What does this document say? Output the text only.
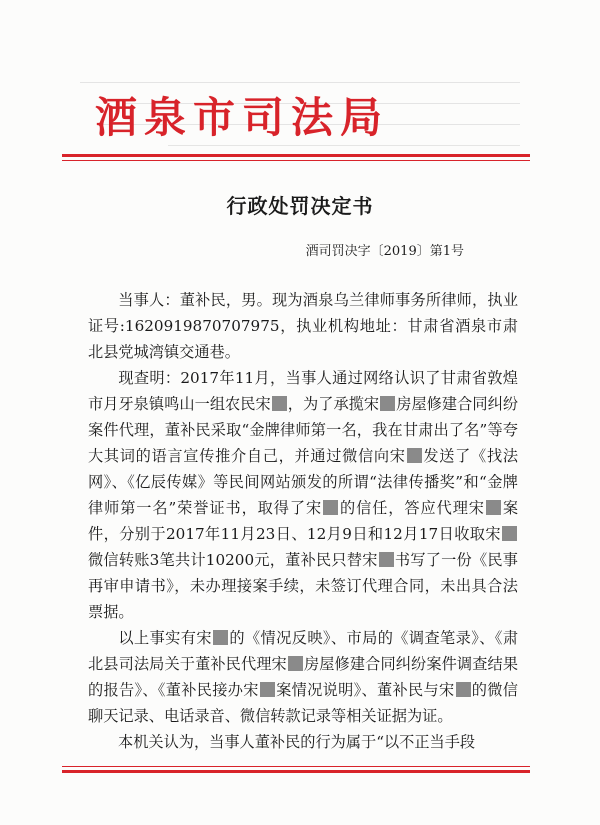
酒泉市司法局
行政处罚决定书
酒司罚决字〔2019〕第1号

当事人：董补民，男。现为酒泉乌兰律师事务所律师，执业证号:1620919870707975，执业机构地址：甘肃省酒泉市肃北县党城湾镇交通巷。

现查明：2017年11月，当事人通过网络认识了甘肃省敦煌市月牙泉镇鸣山一组农民宋 ，为了承揽宋 房屋修建合同纠纷案件代理，董补民采取“金牌律师第一名，我在甘肃出了名”等夸大其词的语言宣传推介自己，并通过微信向宋 发送了《找法网》、《亿辰传媒》等民间网站颁发的所谓“法律传播奖”和“金牌律师第一名”荣誉证书，取得了宋 的信任，答应代理宋 案件，分别于2017年11月23日、12月9日和12月17日收取宋微信转账3笔共计10200元，董补民只替宋 书写了一份《民事再审申请书》，未办理接案手续，未签订代理合同，未出具合法票据。

以上事实有宋 的《情况反映》、市局的《调查笔录》、《肃北县司法局关于董补民代理宋 房屋修建合同纠纷案件调查结果的报告》、《董补民接办宋 案情况说明》、董补民与宋 的微信聊天记录、电话录音、微信转款记录等相关证据为证。

本机关认为，当事人董补民的行为属于“以不正当手段
